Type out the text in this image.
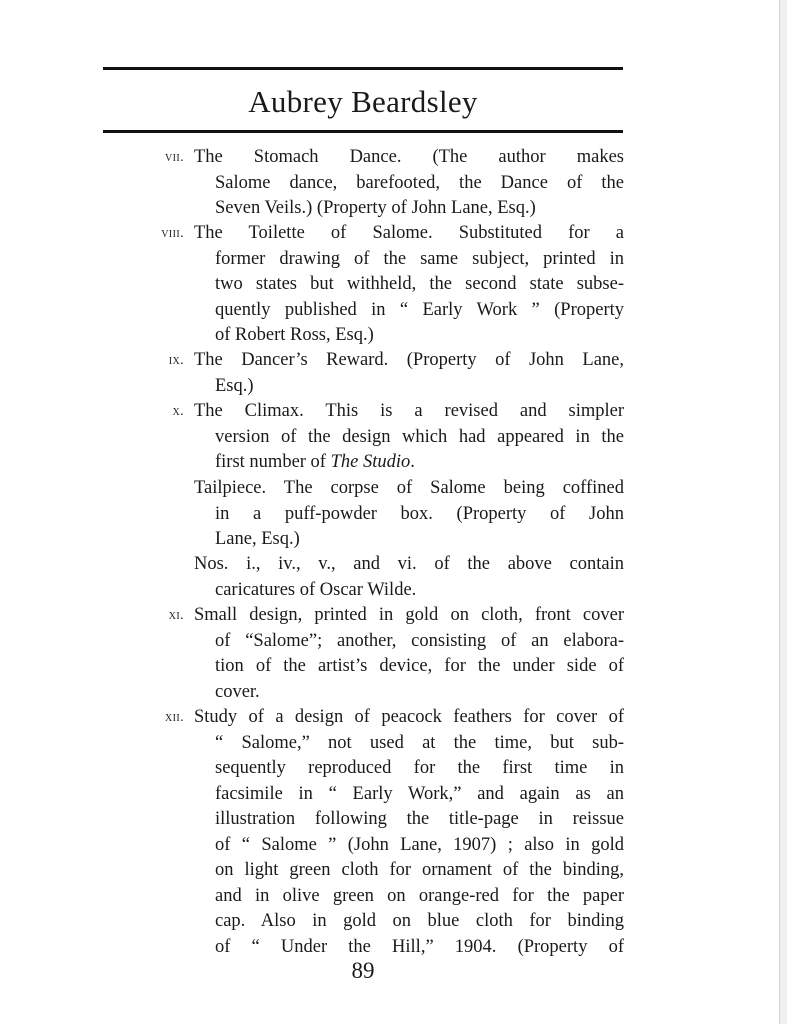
Aubrey Beardsley
vii. The Stomach Dance. (The author makes
Salome dance, barefooted, the Dance of the
Seven Veils.) (Property of John Lane, Esq.)
viii. The Toilette of Salome. Substituted for a
former drawing of the same subject, printed in
two states but withheld, the second state subse-
quently published in “ Early Work ” (Property
of Robert Ross, Esq.)
ix. The Dancer’s Reward. (Property of John Lane,
Esq.)
x. The Climax. This is a revised and simpler
version of the design which had appeared in the
first number of The Studio.
Tailpiece. The corpse of Salome being coffined
in a puff-powder box. (Property of John
Lane, Esq.)
Nos. i., iv., v., and vi. of the above contain
caricatures of Oscar Wilde.
xi. Small design, printed in gold on cloth, front cover
of “Salome”; another, consisting of an elabora-
tion of the artist’s device, for the under side of
cover.
xii. Study of a design of peacock feathers for cover of
“ Salome,” not used at the time, but sub-
sequently reproduced for the first time in
facsimile in “ Early Work,” and again as an
illustration following the title-page in reissue
of “ Salome ” (John Lane, 1907) ; also in gold
on light green cloth for ornament of the binding,
and in olive green on orange-red for the paper
cap. Also in gold on blue cloth for binding
of “ Under the Hill,” 1904. (Property of
89
